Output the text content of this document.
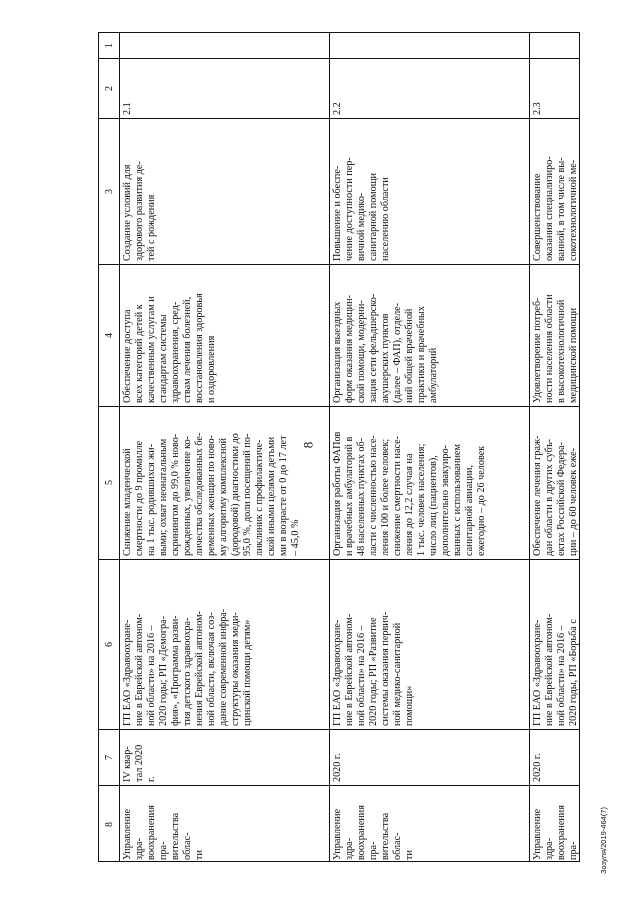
8
Зозуля/2019-464(7)
1
2
3
4
5
6
7
8
2.1
Создание условий для
здорового развития де-
тей с рождения
Обеспечение доступа
всех категорий детей к
качественным услугам и
стандартам системы
здравоохранения, сред-
ствам лечения болезней,
восстановления здоровья
и оздоровления
Снижение младенческой
смертности до 9 промилле
на 1 тыс. родившихся жи-
выми; охват неонатальным
скринингом до 99,0 % ново-
рожденных, увеличение ко-
личества обследованных бе-
ременных женщин по ново-
му алгоритму комплексной
(дородовой) диагностики до
95,0 %, доли посещений по-
ликлиник с профилактиче-
ской иными целями детьми
ми в возрасте от 0 до 17 лет
– 45,0 %
ГП ЕАО «Здравоохране-
ние в Еврейской автоном-
ной области» на 2016 –
2020 годы; РП «Демогра-
фия», «Программа разви-
тия детского здравоохра-
нения Еврейской автоном-
ной области, включая соз-
дание современной инфра-
структуры оказания меди-
цинской помощи детям»
IV квар-
тал 2020
г.
Управление здра-
воохранения пра-
вительства облас-
ти
2.2
Повышение и обеспе-
чение доступности пер-
вичной медико-
санитарной помощи
населению области
Организация выездных
форм оказания медицин-
ской помощи, модерни-
зация сети фельдшерско-
акушерских пунктов
(далее – ФАП), отделе-
ний общей врачебной
практики и врачебных
амбулаторий
Организация работы ФАПов
и врачебных амбулаторий в
48 населенных пунктах об-
ласти с численностью насе-
ления 100 и более человек;
снижение смертности насе-
ления до 12,2 случая на
1 тыс. человек населения;
число лиц (пациентов),
дополнительно эвакуиро-
ванных с использованием
санитарной авиации,
ежегодно – до 26 человек
ГП ЕАО «Здравоохране-
ние в Еврейской автоном-
ной области» на 2016 –
2020 годы; РП «Развитие
системы оказания первич-
ной медико-санитарной
помощи»
2020 г.
Управление здра-
воохранения пра-
вительства облас-
ти
2.3
Совершенствование
оказания специализиро-
ванной, в том числе вы-
сокотехнологичной ме-
Удовлетворение потреб-
ности населения области
в высокотехнологичной
медицинской помощи
Обеспечение лечения граж-
дан области в других субъ-
ектах Российской Федера-
ции – до 60 человек еже-
ГП ЕАО «Здравоохране-
ние в Еврейской автоном-
ной области» на 2016 –
2020 годы, РП «Борьба с
2020 г.
Управление здра-
воохранения пра-
